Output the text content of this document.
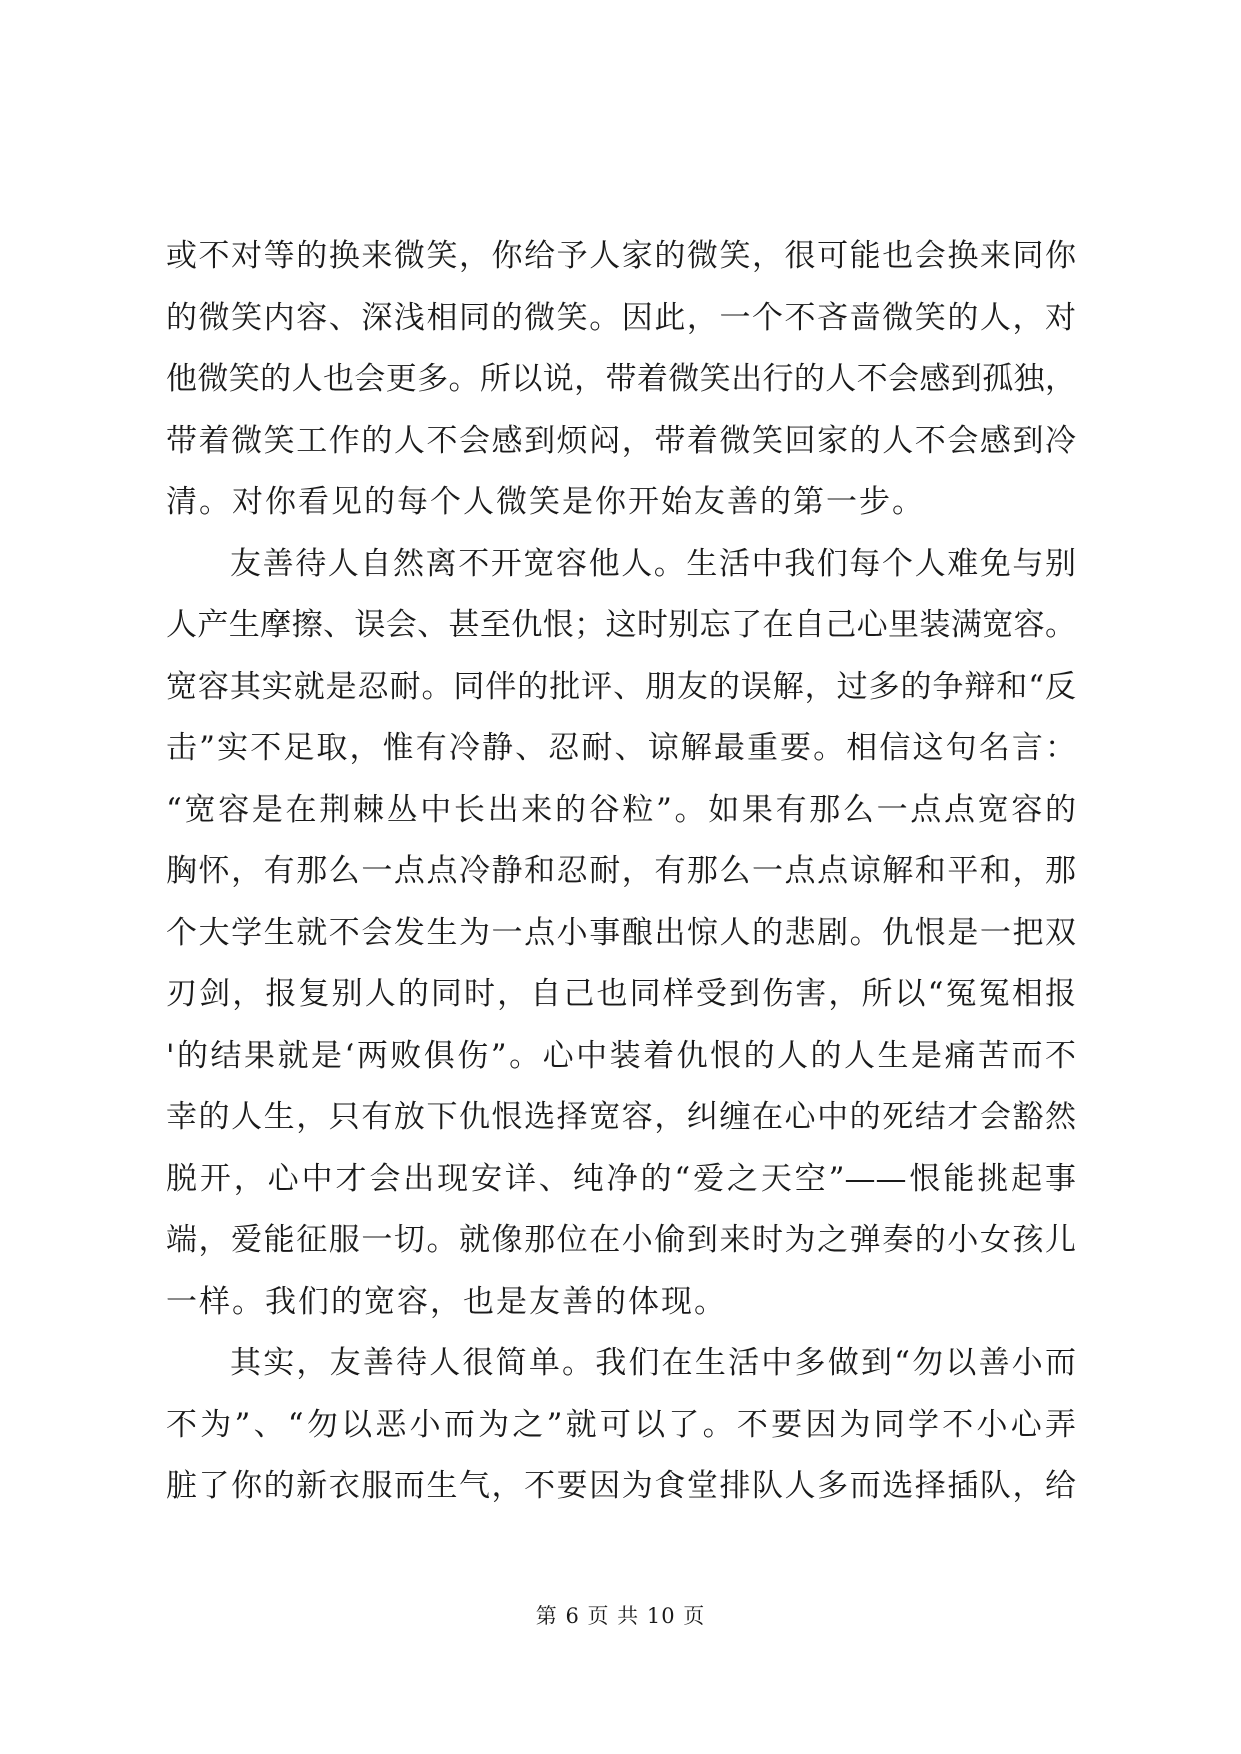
或不对等的换来微笑，你给予人家的微笑，很可能也会换来同你
的微笑内容、深浅相同的微笑。因此，一个不吝啬微笑的人，对
他微笑的人也会更多。所以说，带着微笑出行的人不会感到孤独，
带着微笑工作的人不会感到烦闷，带着微笑回家的人不会感到冷
清。对你看见的每个人微笑是你开始友善的第一步。
友善待人自然离不开宽容他人。生活中我们每个人难免与别
人产生摩擦、误会、甚至仇恨；这时别忘了在自己心里装满宽容。
宽容其实就是忍耐。同伴的批评、朋友的误解，过多的争辩和“反
击”实不足取，惟有冷静、忍耐、谅解最重要。相信这句名言：
“宽容是在荆棘丛中长出来的谷粒”。如果有那么一点点宽容的
胸怀，有那么一点点冷静和忍耐，有那么一点点谅解和平和，那
个大学生就不会发生为一点小事酿出惊人的悲剧。仇恨是一把双
刃剑，报复别人的同时，自己也同样受到伤害，所以“冤冤相报
'的结果就是‘两败俱伤”。心中装着仇恨的人的人生是痛苦而不
幸的人生，只有放下仇恨选择宽容，纠缠在心中的死结才会豁然
脱开，心中才会出现安详、纯净的“爱之天空”——恨能挑起事
端，爱能征服一切。就像那位在小偷到来时为之弹奏的小女孩儿
一样。我们的宽容，也是友善的体现。
其实，友善待人很简单。我们在生活中多做到“勿以善小而
不为”、“勿以恶小而为之”就可以了。不要因为同学不小心弄
脏了你的新衣服而生气，不要因为食堂排队人多而选择插队，给
第 6 页 共 10 页
